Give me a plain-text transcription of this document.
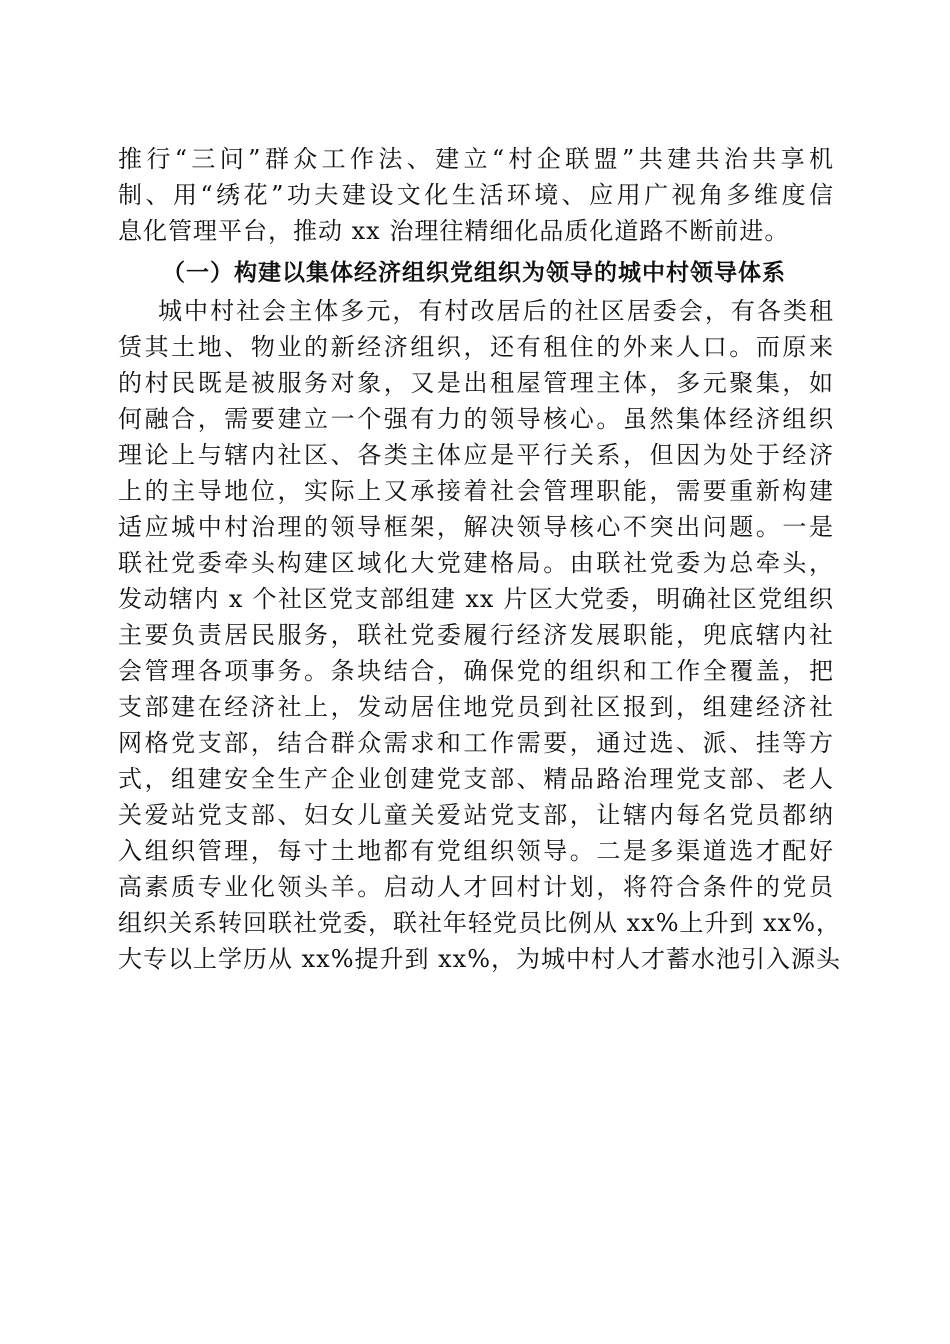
推行“三问”群众工作法、建立“村企联盟”共建共治共享机
制、用“绣花”功夫建设文化生活环境、应用广视角多维度信
息化管理平台，推动 xx 治理往精细化品质化道路不断前进。
（一）构建以集体经济组织党组织为领导的城中村领导体系
城中村社会主体多元，有村改居后的社区居委会，有各类租
赁其土地、物业的新经济组织，还有租住的外来人口。而原来
的村民既是被服务对象，又是出租屋管理主体，多元聚集，如
何融合，需要建立一个强有力的领导核心。虽然集体经济组织
理论上与辖内社区、各类主体应是平行关系，但因为处于经济
上的主导地位，实际上又承接着社会管理职能，需要重新构建
适应城中村治理的领导框架，解决领导核心不突出问题。一是
联社党委牵头构建区域化大党建格局。由联社党委为总牵头，
发动辖内 x 个社区党支部组建 xx 片区大党委，明确社区党组织
主要负责居民服务，联社党委履行经济发展职能，兜底辖内社
会管理各项事务。条块结合，确保党的组织和工作全覆盖，把
支部建在经济社上，发动居住地党员到社区报到，组建经济社
网格党支部，结合群众需求和工作需要，通过选、派、挂等方
式，组建安全生产企业创建党支部、精品路治理党支部、老人
关爱站党支部、妇女儿童关爱站党支部，让辖内每名党员都纳
入组织管理，每寸土地都有党组织领导。二是多渠道选才配好
高素质专业化领头羊。启动人才回村计划，将符合条件的党员
组织关系转回联社党委，联社年轻党员比例从 xx%上升到 xx%，
大专以上学历从 xx%提升到 xx%，为城中村人才蓄水池引入源头
